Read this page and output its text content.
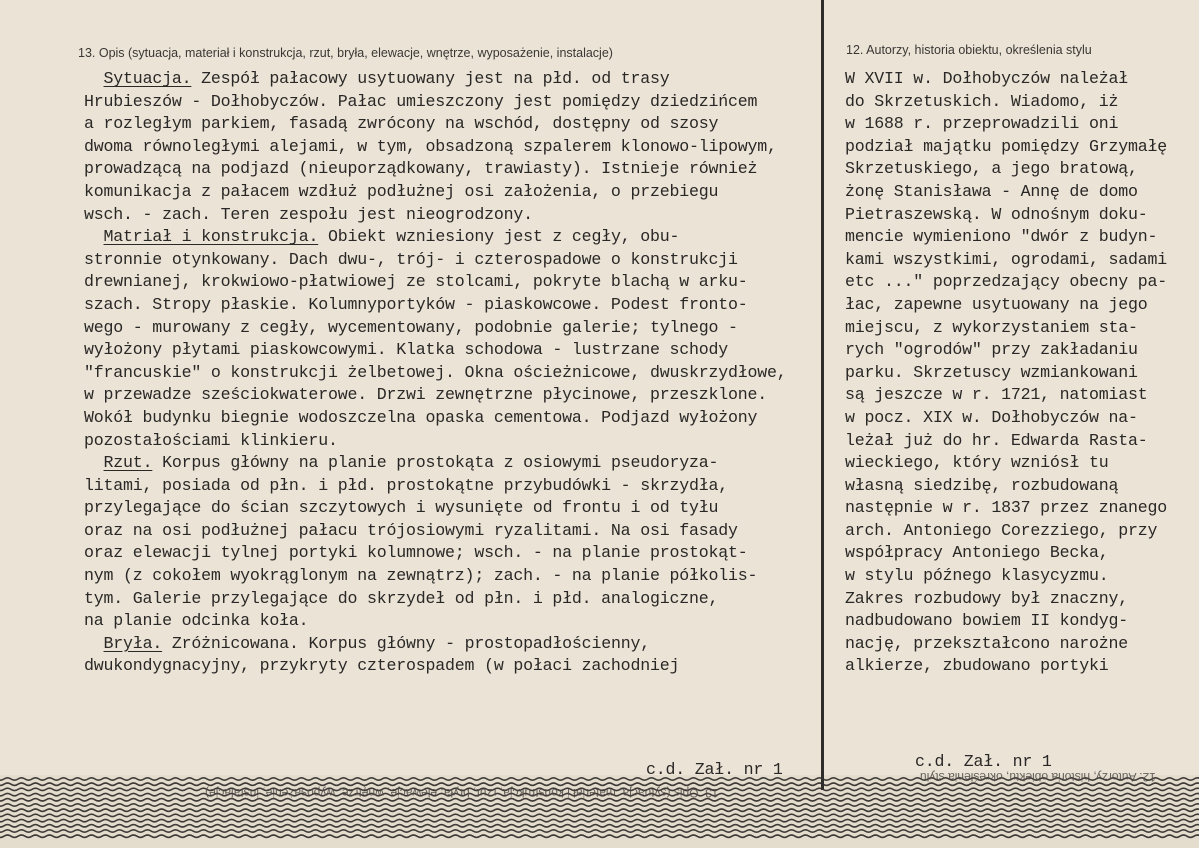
13. Opis (sytuacja, materiał i konstrukcja, rzut, bryła, elewacje, wnętrze, wyposażenie, instalacje)	12. Autorzy, historia obiektu, określenia stylu
Sytuacja. Zespół pałacowy usytuowany jest na płd. od trasy
Hrubieszów - Dołhobyczów. Pałac umieszczony jest pomiędzy dziedzińcem
a rozległym parkiem, fasadą zwrócony na wschód, dostępny od szosy
dwoma równoległymi alejami, w tym, obsadzoną szpalerem klonowo-lipowym,
prowadzącą na podjazd (nieuporządkowany, trawiasty). Istnieje również
komunikacja z pałacem wzdłuż podłużnej osi założenia, o przebiegu
wsch. - zach. Teren zespołu jest nieogrodzony.
Matriał i konstrukcja. Obiekt wzniesiony jest z cegły, obu-
stronnie otynkowany. Dach dwu-, trój- i czterospadowe o konstrukcji
drewnianej, krokwiowo-płatwiowej ze stolcami, pokryte blachą w arku-
szach. Stropy płaskie. Kolumnyportyków - piaskowcowe. Podest fronto-
wego - murowany z cegły, wycementowany, podobnie galerie; tylnego -
wyłożony płytami piaskowcowymi. Klatka schodowa - lustrzane schody
"francuskie" o konstrukcji żelbetowej. Okna ościeżnicowe, dwuskrzydłowe,
w przewadze sześciokwaterowe. Drzwi zewnętrzne płycinowe, przeszklone.
Wokół budynku biegnie wodoszczelna opaska cementowa. Podjazd wyłożony
pozostałościami klinkieru.
Rzut. Korpus główny na planie prostokąta z osiowymi pseudoryza-
litami, posiada od płn. i płd. prostokątne przybudówki - skrzydła,
przylegające do ścian szczytowych i wysunięte od frontu i od tyłu
oraz na osi podłużnej pałacu trójosiowymi ryzalitami. Na osi fasady
oraz elewacji tylnej portyki kolumnowe; wsch. - na planie prostokąt-
nym (z cokołem wyokrąglonym na zewnątrz); zach. - na planie półkolis-
tym. Galerie przylegające do skrzydeł od płn. i płd. analogiczne,
na planie odcinka koła.
Bryła. Zróżnicowana. Korpus główny - prostopadłościenny,
dwukondygnacyjny, przykryty czterospadem (w połaci zachodniej
W XVII w. Dołhobyczów należał
do Skrzetuskich. Wiadomo, iż
w 1688 r. przeprowadzili oni
podział majątku pomiędzy Grzymałę
Skrzetuskiego, a jego bratową,
żonę Stanisława - Annę de domo
Pietraszewską. W odnośnym doku-
mencie wymieniono "dwór z budyn-
kami wszystkimi, ogrodami, sadami
etc ..." poprzedzający obecny pa-
łac, zapewne usytuowany na jego
miejscu, z wykorzystaniem sta-
rych "ogrodów" przy zakładaniu
parku. Skrzetuscy wzmiankowani
są jeszcze w r. 1721, natomiast
w pocz. XIX w. Dołhobyczów na-
leżał już do hr. Edwarda Rasta-
wieckiego, który wzniósł tu
własną siedzibę, rozbudowaną
następnie w r. 1837 przez znanego
arch. Antoniego Corezziego, przy
współpracy Antoniego Becka,
w stylu późnego klasycyzmu.
Zakres rozbudowy był znaczny,
nadbudowano bowiem II kondyg-
nację, przekształcono narożne
alkierze, zbudowano portyki
c.d. Zał. nr 1	c.d. Zał. nr 1
13. Opis (sytuacja, materiał i konstrukcja, rzut, bryła, elewacje, wnętrze, wyposażenie, instalacje)
12. Autorzy, historia obiektu, określenia stylu
